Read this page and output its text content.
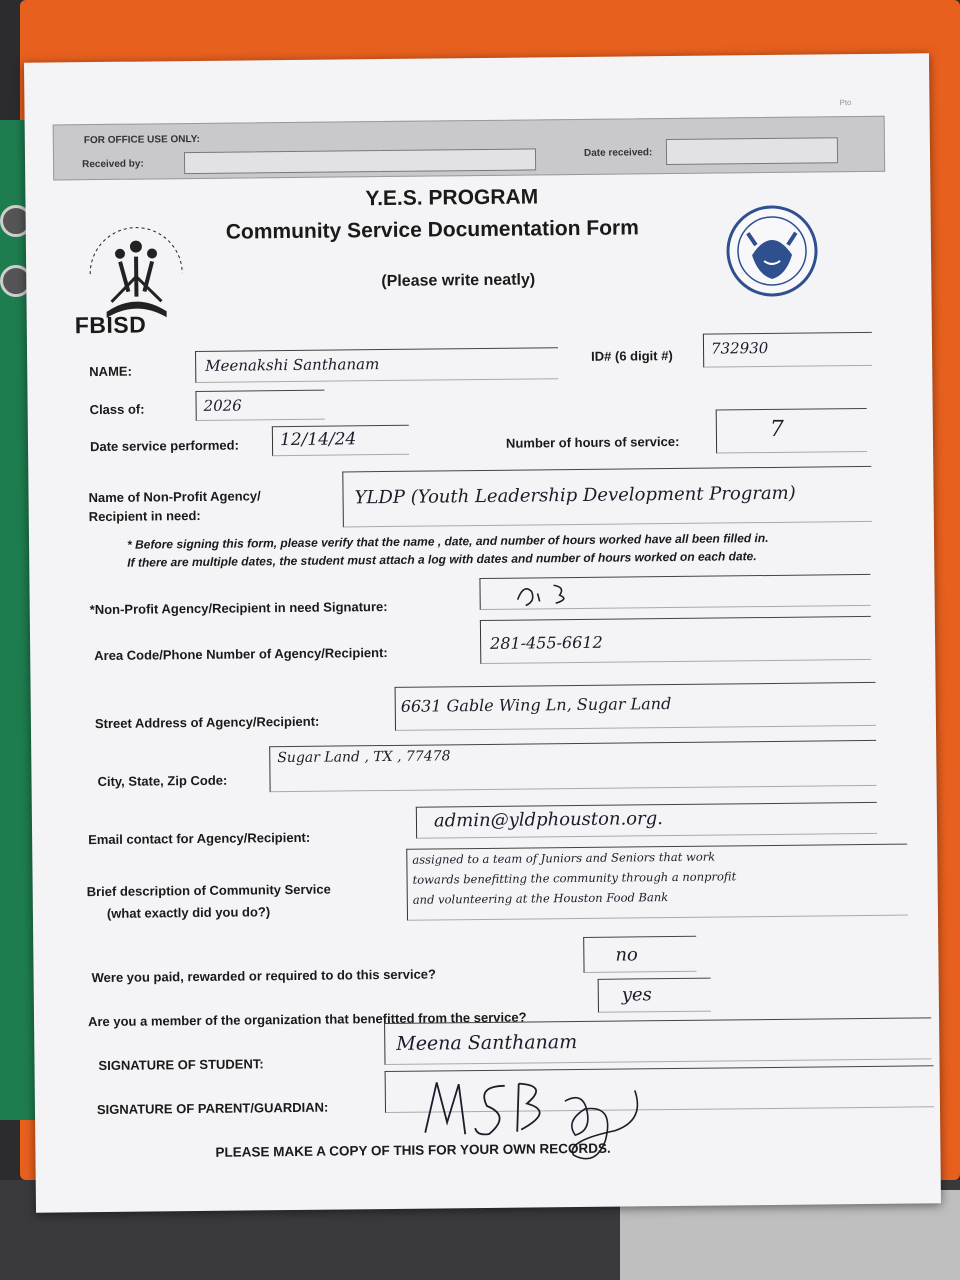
Pto
FOR OFFICE USE ONLY:
Received by:
Date received:
FBISD
Y.E.S. PROGRAM
Community Service Documentation Form
(Please write neatly)
NAME:	Meenakshi Santhanam	ID# (6 digit #)	732930
Class of:	2026
Date service performed: 12/14/24	Number of hours of service:
7
Name of Non-Profit Agency/
Recipient in need:
YLDP (Youth Leadership Development Program)
* Before signing this form, please verify that the name , date, and number of hours worked have all been filled in.
If there are multiple dates, the student must attach a log with dates and number of hours worked on each date.
*Non-Profit Agency/Recipient in need Signature:
Area Code/Phone Number of Agency/Recipient:
281-455-6612
Street Address of Agency/Recipient:
6631 Gable Wing Ln, Sugar Land
City, State, Zip Code:
Sugar Land , TX , 77478
Email contact for Agency/Recipient:
admin@yldphouston.org.
Brief description of Community Service
(what exactly did you do?)
assigned to a team of Juniors and Seniors that work
towards benefitting the community through a nonprofit
and volunteering at the Houston Food Bank
Were you paid, rewarded or required to do this service?
no
Are you a member of the organization that benefitted from the service?
yes
SIGNATURE OF STUDENT:
Meena Santhanam
SIGNATURE OF PARENT/GUARDIAN:
PLEASE MAKE A COPY OF THIS FOR YOUR OWN RECORDS.
